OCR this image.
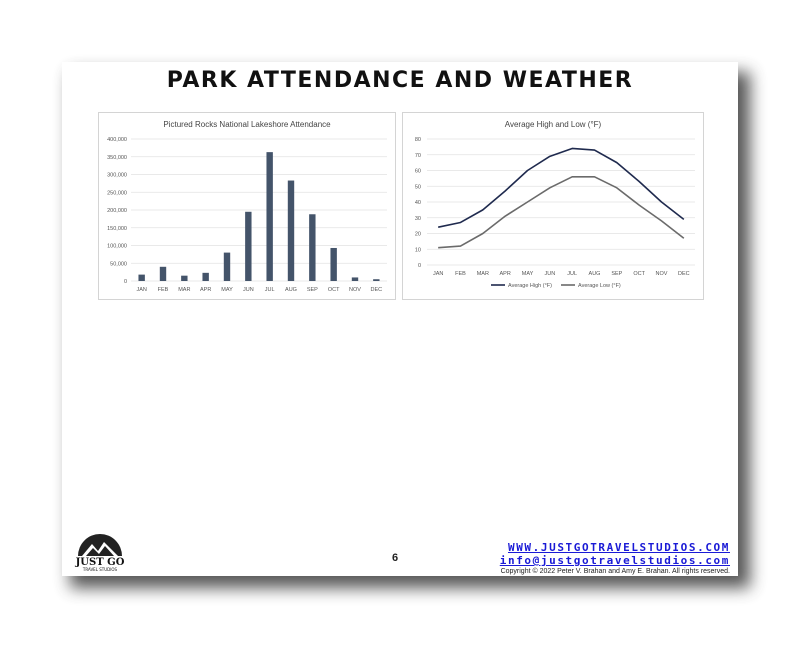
PARK ATTENDANCE AND WEATHER
Pictured Rocks National Lakeshore Attendance
0
50,000
100,000
150,000
200,000
250,000
300,000
350,000
400,000
JAN FEB MAR APR MAY JUN JUL AUG SEP OCT NOV DEC
Average High and Low (°F)
0
10
20
30
40
50
60
70
80
JAN FEB MAR APR MAY JUN JUL AUG SEP OCT NOV DEC
Average High (°F)	Average Low (°F)
JUST GO
TRAVEL STUDIOS
6
WWW.JUSTGOTRAVELSTUDIOS.COM
info@justgotravelstudios.com
Copyright © 2022 Peter V. Brahan and Amy E. Brahan. All rights reserved.
